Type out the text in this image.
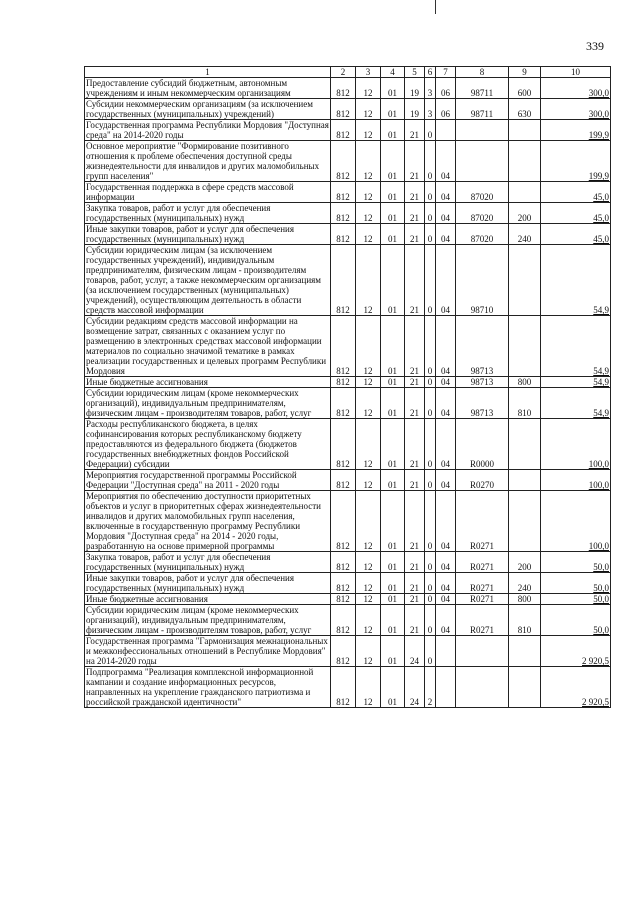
339
1	2	3	4	5	6	7	8	9	10
Предоставление субсидий бюджетным, автономным учреждениям и иным некоммерческим организациям	812	12	01	19	3	06	98711	600	300,0
Субсидии некоммерческим организациям (за исключением государственных (муниципальных) учреждений)	812	12	01	19	3	06	98711	630	300,0
Государственная программа Республики Мордовия "Доступная среда" на 2014-2020 годы	812	12	01	21	0				199,9
Основное мероприятие "Формирование позитивного отношения к проблеме обеспечения доступной среды жизнедеятельности для инвалидов и других маломобильных групп населения"	812	12	01	21	0	04			199,9
Государственная поддержка в сфере средств массовой информации	812	12	01	21	0	04	87020		45,0
Закупка товаров, работ и услуг для обеспечения государственных (муниципальных) нужд	812	12	01	21	0	04	87020	200	45,0
Иные закупки товаров, работ и услуг для обеспечения государственных (муниципальных) нужд	812	12	01	21	0	04	87020	240	45,0
Субсидии юридическим лицам (за исключением государственных учреждений), индивидуальным предпринимателям, физическим лицам - производителям товаров, работ, услуг, а также некоммерческим организациям (за исключением государственных (муниципальных) учреждений), осуществляющим деятельность в области средств массовой информации	812	12	01	21	0	04	98710		54,9
Субсидии редакциям средств массовой информации на возмещение затрат, связанных с оказанием услуг по размещению в электронных средствах массовой информации материалов по социально значимой тематике в рамках реализации государственных и целевых программ Республики Мордовия	812	12	01	21	0	04	98713		54,9
Иные бюджетные ассигнования	812	12	01	21	0	04	98713	800	54,9
Субсидии юридическим лицам (кроме некоммерческих организаций), индивидуальным предпринимателям, физическим лицам - производителям товаров, работ, услуг	812	12	01	21	0	04	98713	810	54,9
Расходы республиканского бюджета, в целях софинансирования которых республиканскому бюджету предоставляются из федерального бюджета (бюджетов государственных внебюджетных фондов Российской Федерации) субсидии	812	12	01	21	0	04	R0000		100,0
Мероприятия государственной программы Российской Федерации "Доступная среда" на 2011 - 2020 годы	812	12	01	21	0	04	R0270		100,0
Мероприятия по обеспечению доступности приоритетных объектов и услуг в приоритетных сферах жизнедеятельности инвалидов и других маломобильных групп населения, включенные в государственную программу Республики Мордовия "Доступная среда" на 2014 - 2020 годы, разработанную на основе примерной программы	812	12	01	21	0	04	R0271		100,0
Закупка товаров, работ и услуг для обеспечения государственных (муниципальных) нужд	812	12	01	21	0	04	R0271	200	50,0
Иные закупки товаров, работ и услуг для обеспечения государственных (муниципальных) нужд	812	12	01	21	0	04	R0271	240	50,0
Иные бюджетные ассигнования	812	12	01	21	0	04	R0271	800	50,0
Субсидии юридическим лицам (кроме некоммерческих организаций), индивидуальным предпринимателям, физическим лицам - производителям товаров, работ, услуг	812	12	01	21	0	04	R0271	810	50,0
Государственная программа "Гармонизация межнациональных и межконфессиональных отношений в Республике Мордовия" на 2014-2020 годы	812	12	01	24	0				2 920,5
Подпрограмма "Реализация комплексной информационной кампании и создание информационных ресурсов, направленных на укрепление гражданского патриотизма и российской гражданской идентичности"	812	12	01	24	2				2 920,5
